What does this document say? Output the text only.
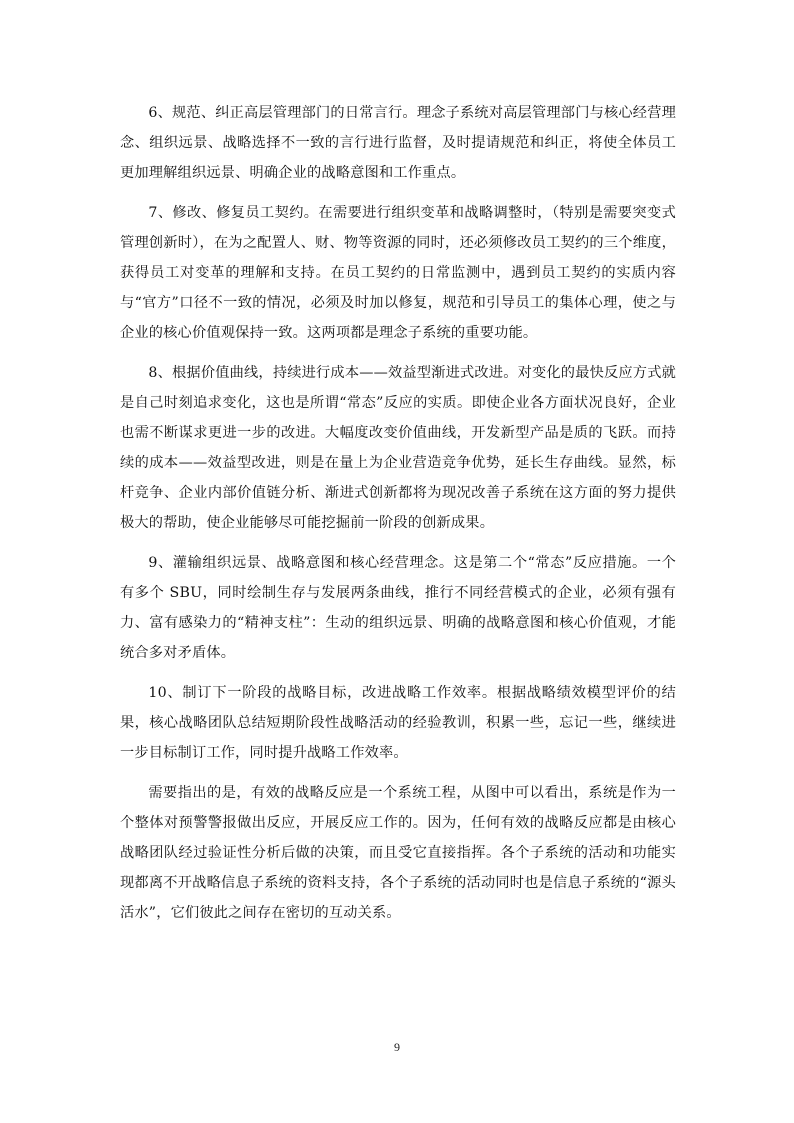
6、规范、纠正高层管理部门的日常言行。理念子系统对高层管理部门与核心经营理念、组织远景、战略选择不一致的言行进行监督，及时提请规范和纠正，将使全体员工更加理解组织远景、明确企业的战略意图和工作重点。

7、修改、修复员工契约。在需要进行组织变革和战略调整时，（特别是需要突变式管理创新时），在为之配置人、财、物等资源的同时，还必须修改员工契约的三个维度，获得员工对变革的理解和支持。在员工契约的日常监测中，遇到员工契约的实质内容与“官方”口径不一致的情况，必须及时加以修复，规范和引导员工的集体心理，使之与企业的核心价值观保持一致。这两项都是理念子系统的重要功能。

8、根据价值曲线，持续进行成本——效益型渐进式改进。对变化的最快反应方式就是自己时刻追求变化，这也是所谓“常态”反应的实质。即使企业各方面状况良好，企业也需不断谋求更进一步的改进。大幅度改变价值曲线，开发新型产品是质的飞跃。而持续的成本——效益型改进，则是在量上为企业营造竞争优势，延长生存曲线。显然，标杆竞争、企业内部价值链分析、渐进式创新都将为现况改善子系统在这方面的努力提供极大的帮助，使企业能够尽可能挖掘前一阶段的创新成果。

9、灌输组织远景、战略意图和核心经营理念。这是第二个“常态”反应措施。一个有多个 SBU，同时绘制生存与发展两条曲线，推行不同经营模式的企业，必须有强有力、富有感染力的“精神支柱”：生动的组织远景、明确的战略意图和核心价值观，才能统合多对矛盾体。

10、制订下一阶段的战略目标，改进战略工作效率。根据战略绩效模型评价的结果，核心战略团队总结短期阶段性战略活动的经验教训，积累一些，忘记一些，继续进一步目标制订工作，同时提升战略工作效率。

需要指出的是，有效的战略反应是一个系统工程，从图中可以看出，系统是作为一个整体对预警警报做出反应，开展反应工作的。因为，任何有效的战略反应都是由核心战略团队经过验证性分析后做的决策，而且受它直接指挥。各个子系统的活动和功能实现都离不开战略信息子系统的资料支持，各个子系统的活动同时也是信息子系统的“源头活水”，它们彼此之间存在密切的互动关系。

9
